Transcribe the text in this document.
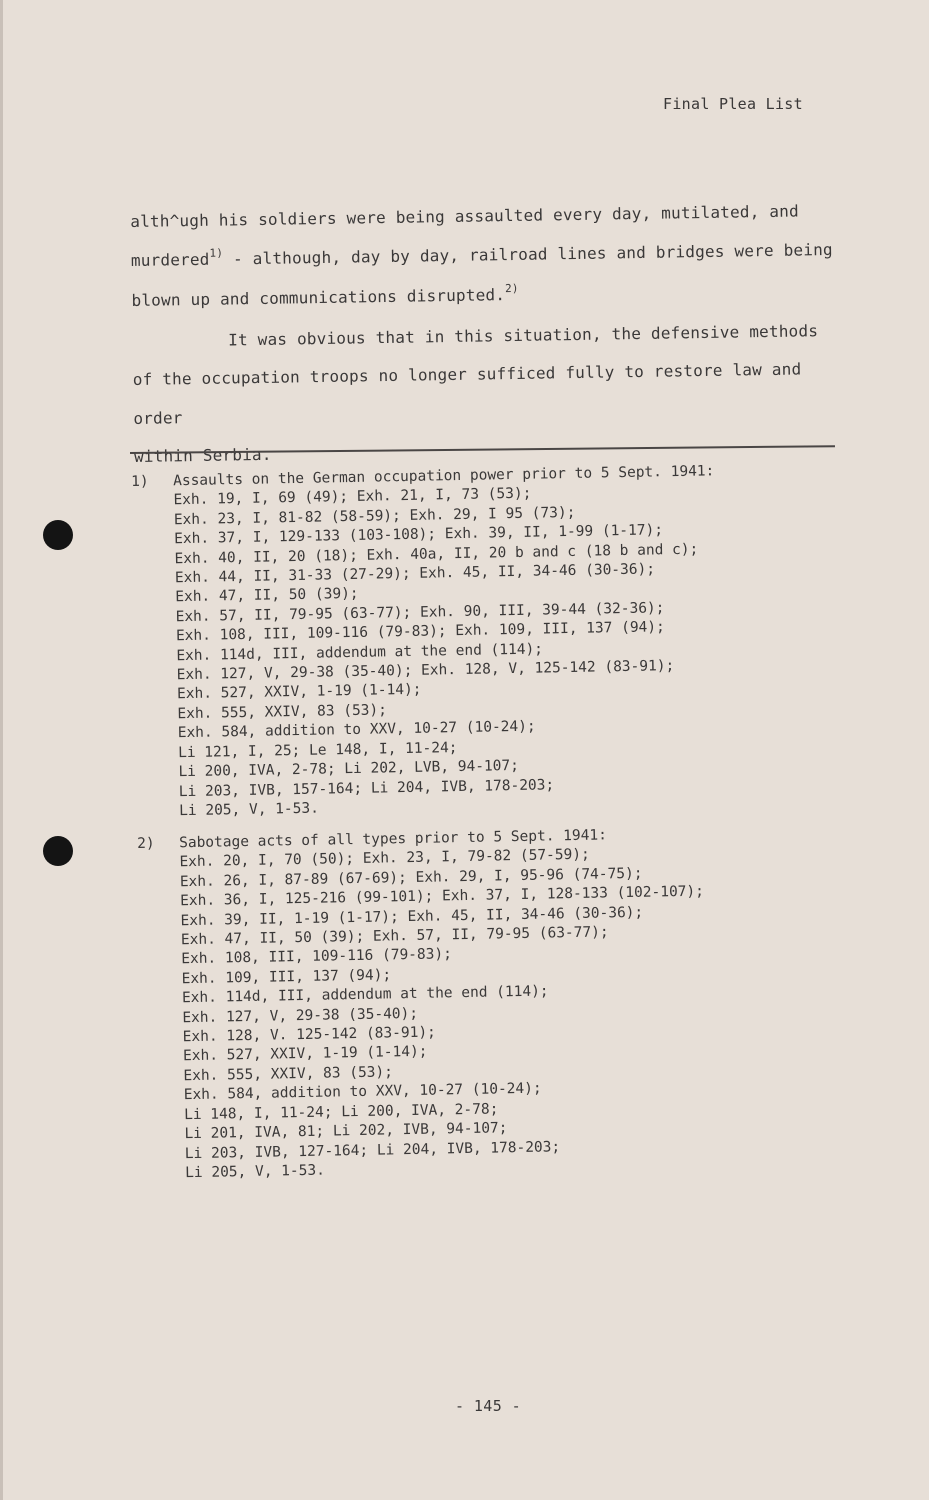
Final Plea List

alth^ugh his soldiers were being assaulted every day, mutilated, and

murdered$^{1)}$ - although, day by day, railroad lines and bridges were being

blown up and communications disrupted.$^{2)}$

It was obvious that in this situation, the defensive methods

of the occupation troops no longer sufficed fully to restore law and order

within Serbia.

1)	Assaults on the German occupation power prior to 5 Sept. 1941:
Exh. 19, I, 69 (49); Exh. 21, I, 73 (53);
Exh. 23, I, 81-82 (58-59); Exh. 29, I 95 (73);
Exh. 37, I, 129-133 (103-108); Exh. 39, II, 1-99 (1-17);
Exh. 40, II, 20 (18); Exh. 40a, II, 20 b and c (18 b and c);
Exh. 44, II, 31-33 (27-29); Exh. 45, II, 34-46 (30-36);
Exh. 47, II, 50 (39);
Exh. 57, II, 79-95 (63-77); Exh. 90, III, 39-44 (32-36);
Exh. 108, III, 109-116 (79-83); Exh. 109, III, 137 (94);
Exh. 114d, III, addendum at the end (114);
Exh. 127, V, 29-38 (35-40); Exh. 128, V, 125-142 (83-91);
Exh. 527, XXIV, 1-19 (1-14);
Exh. 555, XXIV, 83 (53);
Exh. 584, addition to XXV, 10-27 (10-24);
Li 121, I, 25; Le 148, I, 11-24;
Li 200, IVA, 2-78; Li 202, LVB, 94-107;
Li 203, IVB, 157-164; Li 204, IVB, 178-203;
Li 205, V, 1-53.
2)	Sabotage acts of all types prior to 5 Sept. 1941:
Exh. 20, I, 70 (50); Exh. 23, I, 79-82 (57-59);
Exh. 26, I, 87-89 (67-69); Exh. 29, I, 95-96 (74-75);
Exh. 36, I, 125-216 (99-101); Exh. 37, I, 128-133 (102-107);
Exh. 39, II, 1-19 (1-17); Exh. 45, II, 34-46 (30-36);
Exh. 47, II, 50 (39); Exh. 57, II, 79-95 (63-77);
Exh. 108, III, 109-116 (79-83);
Exh. 109, III, 137 (94);
Exh. 114d, III, addendum at the end (114);
Exh. 127, V, 29-38 (35-40);
Exh. 128, V. 125-142 (83-91);
Exh. 527, XXIV, 1-19 (1-14);
Exh. 555, XXIV, 83 (53);
Exh. 584, addition to XXV, 10-27 (10-24);
Li 148, I, 11-24; Li 200, IVA, 2-78;
Li 201, IVA, 81; Li 202, IVB, 94-107;
Li 203, IVB, 127-164; Li 204, IVB, 178-203;
Li 205, V, 1-53.
- 145 -
